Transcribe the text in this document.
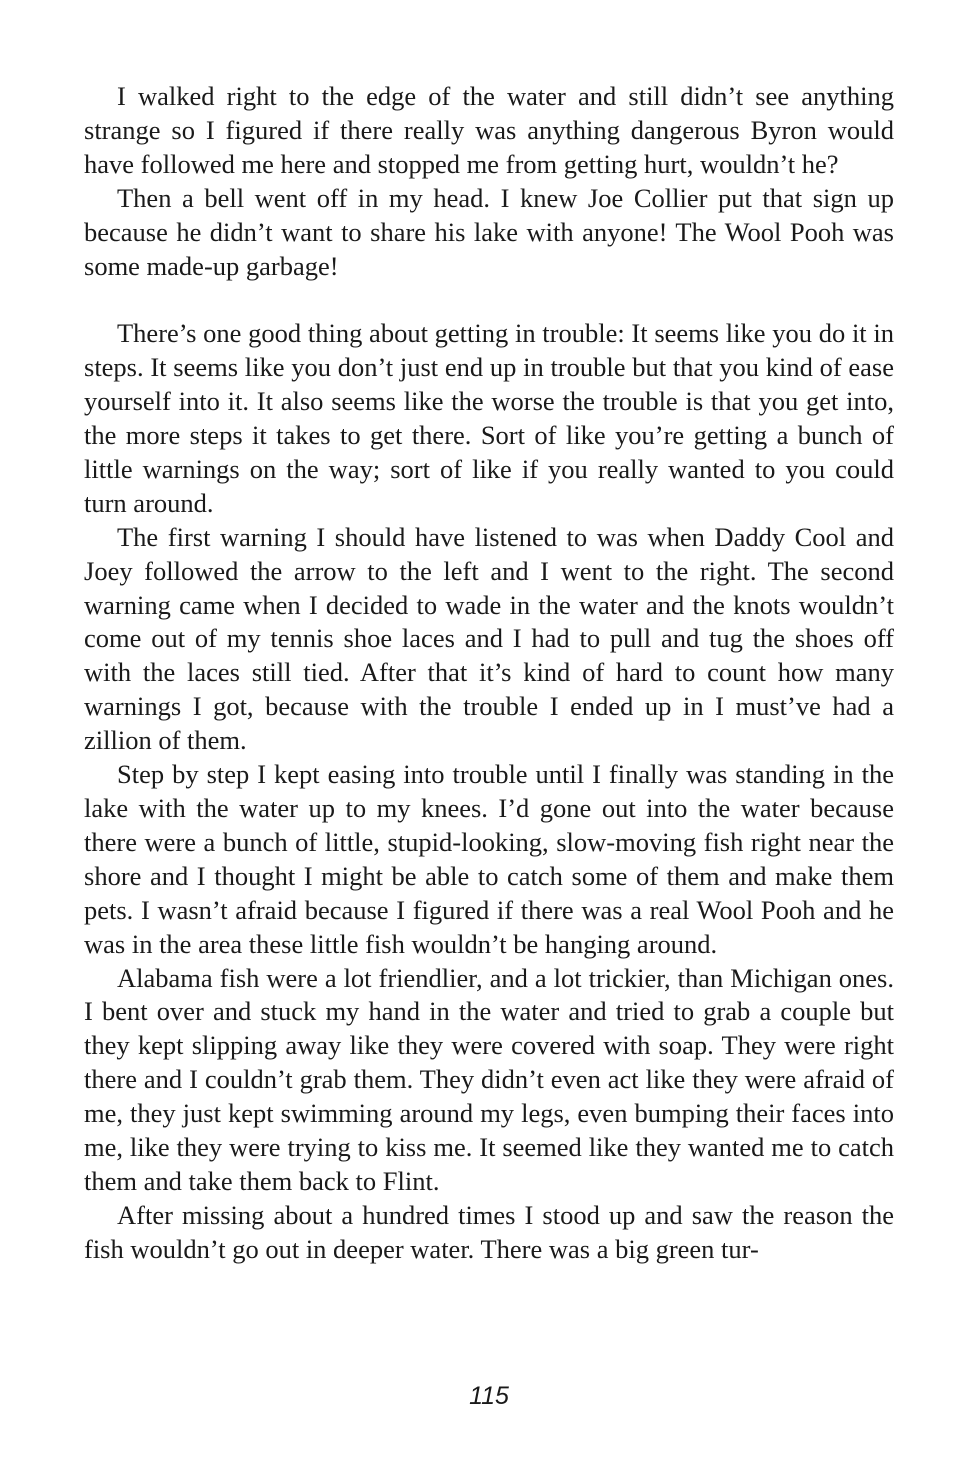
I walked right to the edge of the water and still didn’t see anything strange so I figured if there really was anything dangerous Byron would have followed me here and stopped me from getting hurt, wouldn’t he?

Then a bell went off in my head. I knew Joe Collier put that sign up because he didn’t want to share his lake with anyone! The Wool Pooh was some made-up garbage!

There’s one good thing about getting in trouble: It seems like you do it in steps. It seems like you don’t just end up in trouble but that you kind of ease yourself into it. It also seems like the worse the trouble is that you get into, the more steps it takes to get there. Sort of like you’re getting a bunch of little warnings on the way; sort of like if you really wanted to you could turn around.

The first warning I should have listened to was when Daddy Cool and Joey followed the arrow to the left and I went to the right. The second warning came when I decided to wade in the water and the knots wouldn’t come out of my tennis shoe laces and I had to pull and tug the shoes off with the laces still tied. After that it’s kind of hard to count how many warnings I got, because with the trouble I ended up in I must’ve had a zillion of them.

Step by step I kept easing into trouble until I finally was standing in the lake with the water up to my knees. I’d gone out into the water because there were a bunch of little, stupid-looking, slow-moving fish right near the shore and I thought I might be able to catch some of them and make them pets. I wasn’t afraid because I figured if there was a real Wool Pooh and he was in the area these little fish wouldn’t be hanging around.

Alabama fish were a lot friendlier, and a lot trickier, than Michigan ones. I bent over and stuck my hand in the water and tried to grab a couple but they kept slipping away like they were covered with soap. They were right there and I couldn’t grab them. They didn’t even act like they were afraid of me, they just kept swimming around my legs, even bumping their faces into me, like they were trying to kiss me. It seemed like they wanted me to catch them and take them back to Flint.

After missing about a hundred times I stood up and saw the reason the fish wouldn’t go out in deeper water. There was a big green tur-

115
